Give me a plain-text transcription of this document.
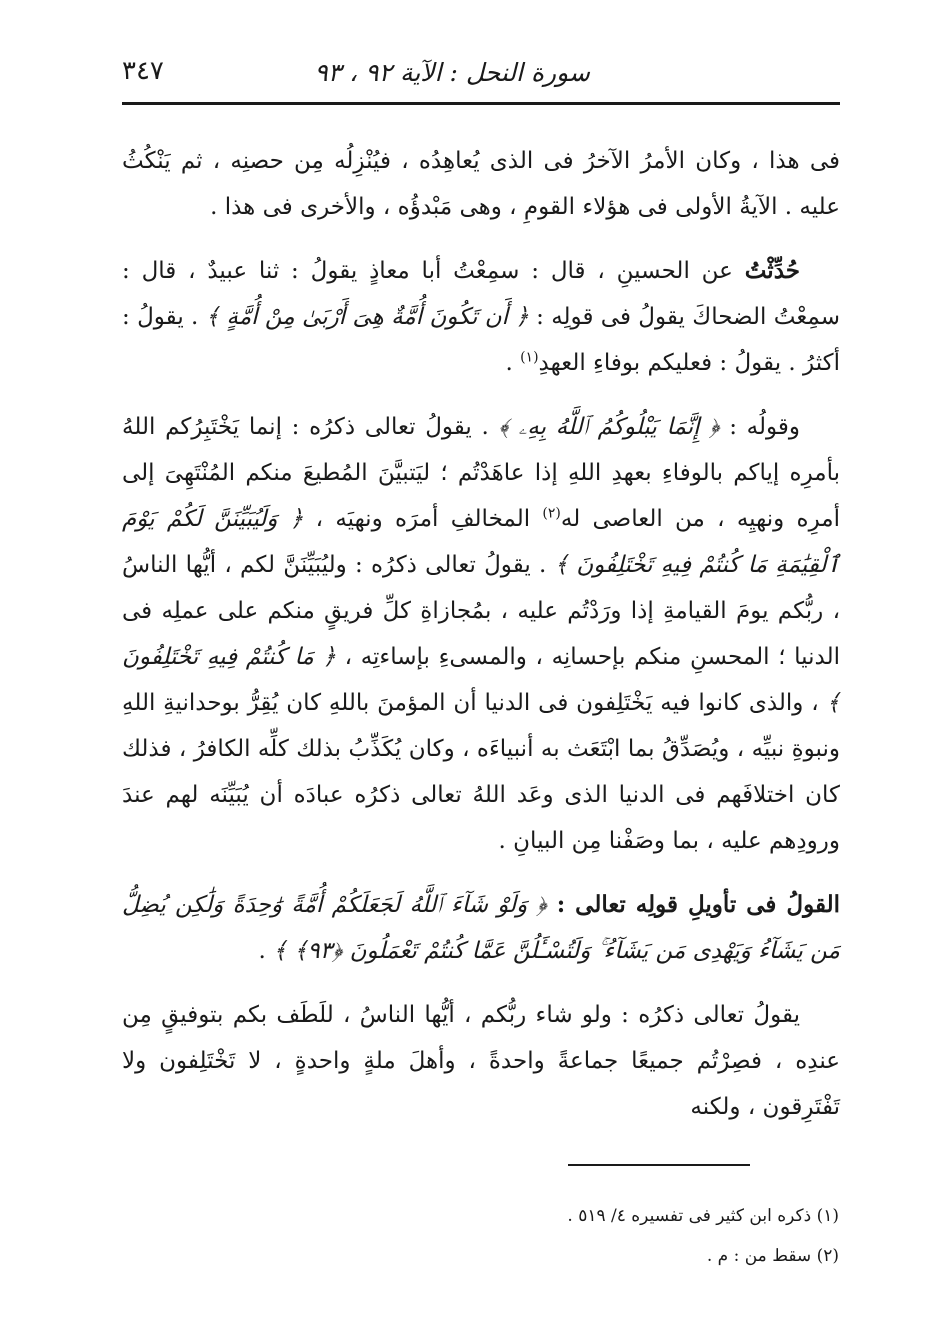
سورة النحل : الآية ٩٢ ، ٩٣
٣٤٧

فى هذا ، وكان الأمرُ الآخرُ فى الذى يُعاهِدُه ، فيُنْزِلُه مِن حصنِه ، ثم يَنْكُثُ عليه . الآيةُ الأولى فى هؤلاء القومِ ، وهى مَبْدؤُه ، والأخرى فى هذا .

حُدِّثْتُ عن الحسينِ ، قال : سمِعْتُ أبا معاذٍ يقولُ : ثنا عبيدٌ ، قال : سمِعْتُ الضحاكَ يقولُ فى قولِه : ﴿ أَن تَكُونَ أُمَّةٌ هِىَ أَرْبَىٰ مِنْ أُمَّةٍ ﴾ . يقولُ : أكثرُ . يقولُ : فعليكم بوفاءِ العهدِ$^{(١)}$ .

وقولُه : ﴿ إِنَّمَا يَبْلُوكُمُ ٱللَّهُ بِهِۦ ﴾ . يقولُ تعالى ذكرُه : إنما يَخْتَبِرُكم اللهُ بأمرِه إياكم بالوفاءِ بعهدِ اللهِ إذا عاهَدْتُم ؛ ليَتبيَّنَ المُطيعَ منكم المُنْتَهِىَ إلى أمرِه ونهيِه ، من العاصى له$^{(٢)}$ المخالفِ أمرَه ونهيَه ، ﴿ وَلَيُبَيِّنَنَّ لَكُمْ يَوْمَ ٱلْقِيَٰمَةِ مَا كُنتُمْ فِيهِ تَخْتَلِفُونَ ﴾ . يقولُ تعالى ذكرُه : وليُبَيِّنَنَّ لكم ، أيُّها الناسُ ، ربُّكم يومَ القيامةِ إذا ورَدْتُم عليه ، بمُجازاةِ كلِّ فريقٍ منكم على عملِه فى الدنيا ؛ المحسنِ منكم بإحسانِه ، والمسىءِ بإساءتِه ، ﴿ مَا كُنتُمْ فِيهِ تَخْتَلِفُونَ ﴾ ، والذى كانوا فيه يَخْتَلِفون فى الدنيا أن المؤمنَ باللهِ كان يُقِرُّ بوحدانيةِ اللهِ ونبوةِ نبيِّه ، ويُصَدِّقُ بما ابْتَعَث به أنبياءَه ، وكان يُكَذِّبُ بذلك كلِّه الكافرُ ، فذلك كان اختلافَهم فى الدنيا الذى وعَد اللهُ تعالى ذكرُه عبادَه أن يُبَيِّنَه لهم عندَ ورودِهم عليه ، بما وصَفْنا مِن البيانِ .

القولُ فى تأويلِ قولِه تعالى : ﴿ وَلَوْ شَآءَ ٱللَّهُ لَجَعَلَكُمْ أُمَّةً وَٰحِدَةً وَلَٰكِن يُضِلُّ مَن يَشَآءُ وَيَهْدِى مَن يَشَآءُ ۚ وَلَتُسْـَٔلُنَّ عَمَّا كُنتُمْ تَعْمَلُونَ ﴿٩٣﴾ ﴾ .

يقولُ تعالى ذكرُه : ولو شاء ربُّكم ، أيُّها الناسُ ، للَطَف بكم بتوفيقٍ مِن عندِه ، فصِرْتُم جميعًا جماعةً واحدةً ، وأهلَ ملةٍ واحدةٍ ، لا تَخْتَلِفون ولا تَفْتَرِقون ، ولكنه

(١) ذكره ابن كثير فى تفسيره ٤/ ٥١٩ .

(٢) سقط من : م .
